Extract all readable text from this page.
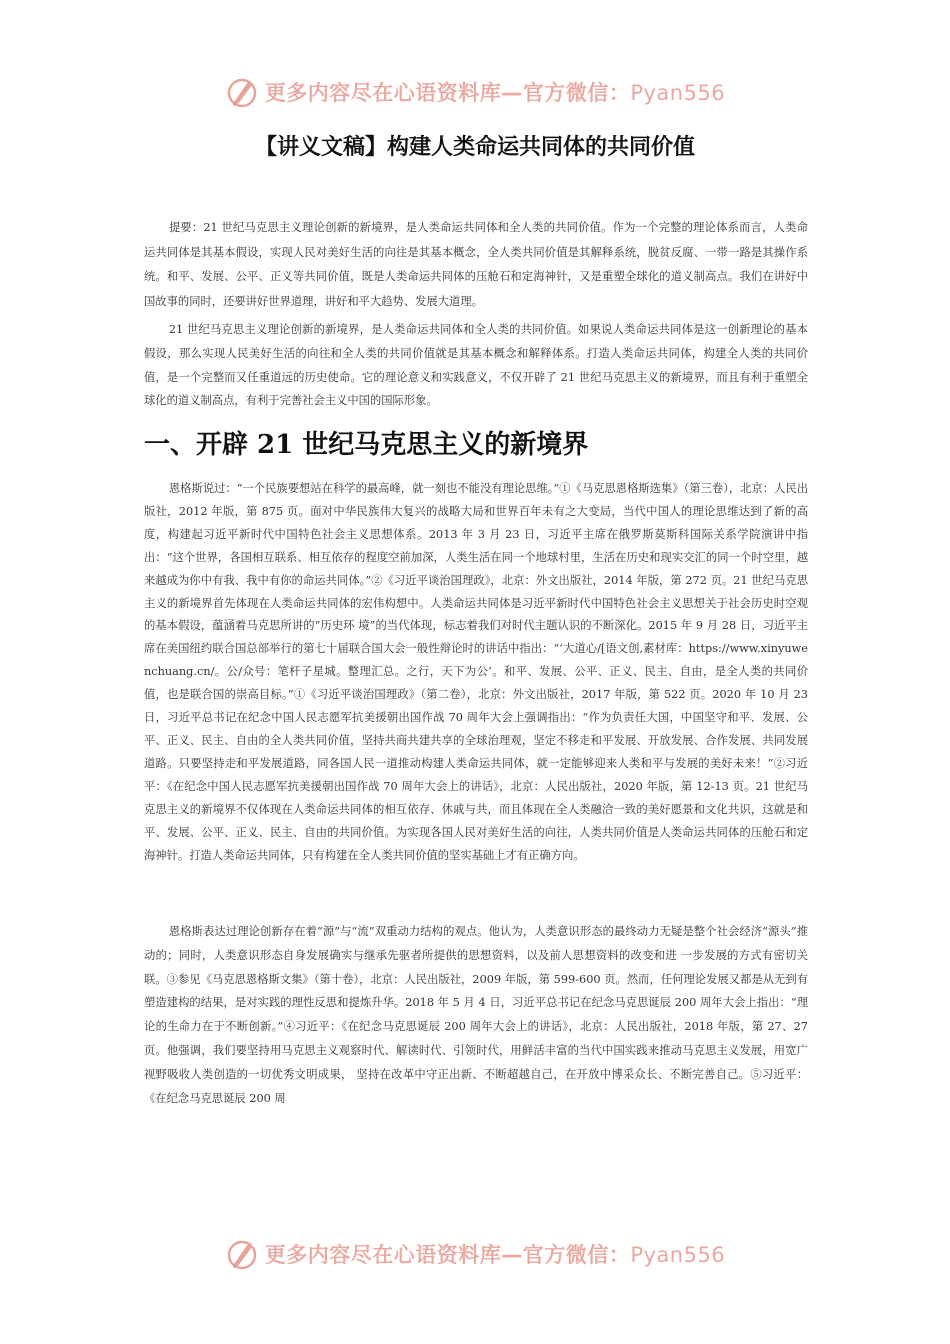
更多内容尽在心语资料库—官方微信：Pyan556
【讲义文稿】构建人类命运共同体的共同价值

提要：21 世纪马克思主义理论创新的新境界，是人类命运共同体和全人类的共同价值。作为一个完整的理论体系而言，人类命运共同体是其基本假设，实现人民对美好生活的向往是其基本概念，全人类共同价值是其解释系统，脱贫反腐、一带一路是其操作系统。和平、发展、公平、正义等共同价值，既是人类命运共同体的压舱石和定海神针，又是重塑全球化的道义制高点。我们在讲好中国故事的同时，还要讲好世界道理，讲好和平大趋势、发展大道理。

21 世纪马克思主义理论创新的新境界，是人类命运共同体和全人类的共同价值。如果说人类命运共同体是这一创新理论的基本假设，那么实现人民美好生活的向往和全人类的共同价值就是其基本概念和解释体系。打造人类命运共同体，构建全人类的共同价值，是一个完整而又任重道远的历史使命。它的理论意义和实践意义，不仅开辟了 21 世纪马克思主义的新境界，而且有利于重塑全球化的道义制高点，有利于完善社会主义中国的国际形象。

一、开辟 21 世纪马克思主义的新境界

恩格斯说过：“一个民族要想站在科学的最高峰，就一刻也不能没有理论思维。”①《马克思恩格斯选集》（第三卷），北京：人民出版社，2012 年版，第 875 页。面对中华民族伟大复兴的战略大局和世界百年未有之大变局，当代中国人的理论思维达到了新的高度，构建起习近平新时代中国特色社会主义思想体系。2013 年 3 月 23 日，习近平主席在俄罗斯莫斯科国际关系学院演讲中指出：“这个世界，各国相互联系、相互依存的程度空前加深，人类生活在同一个地球村里，生活在历史和现实交汇的同一个时空里，越来越成为你中有我、我中有你的命运共同体。”②《习近平谈治国理政》，北京：外文出版社，2014 年版，第 272 页。21 世纪马克思主义的新境界首先体现在人类命运共同体的宏伟构想中。人类命运共同体是习近平新时代中国特色社会主义思想关于社会历史时空观的基本假设，蕴涵着马克思所讲的“历史环 境”的当代体现，标志着我们对时代主题认识的不断深化。2015 年 9 月 28 日，习近平主席在美国纽约联合国总部举行的第七十届联合国大会一般性辩论时的讲话中指出：“‘大道心/[语文创,素材库：https://www.xinyuwenchuang.cn/。公/众号：笔杆子星城。整理汇总。之行，天下为公’。和平、发展、公平、正义、民主、自由，是全人类的共同价值，也是联合国的崇高目标。”①《习近平谈治国理政》（第二卷），北京：外文出版社，2017 年版，第 522 页。2020 年 10 月 23 日，习近平总书记在纪念中国人民志愿军抗美援朝出国作战 70 周年大会上强调指出：“作为负责任大国，中国坚守和平、发展、公平、正义、民主、自由的全人类共同价值，坚持共商共建共享的全球治理观，坚定不移走和平发展、开放发展、合作发展、共同发展道路。只要坚持走和平发展道路，同各国人民一道推动构建人类命运共同体，就一定能够迎来人类和平与发展的美好未来！”②习近平：《在纪念中国人民志愿军抗美援朝出国作战 70 周年大会上的讲话》，北京：人民出版社，2020 年版，第 12-13 页。21 世纪马克思主义的新境界不仅体现在人类命运共同体的相互依存、休戚与共，而且体现在全人类融洽一致的美好愿景和文化共识，这就是和平、发展、公平、正义、民主、自由的共同价值。为实现各国人民对美好生活的向往，人类共同价值是人类命运共同体的压舱石和定海神针。打造人类命运共同体，只有构建在全人类共同价值的坚实基础上才有正确方向。

恩格斯表达过理论创新存在着“源”与“流”双重动力结构的观点。他认为，人类意识形态的最终动力无疑是整个社会经济“源头”推动的；同时，人类意识形态自身发展确实与继承先驱者所提供的思想资料，以及前人思想资料的改变和进 一步发展的方式有密切关联。③参见《马克思恩格斯文集》（第十卷），北京：人民出版社，2009 年版，第 599-600 页。然而，任何理论发展又都是从无到有塑造建构的结果，是对实践的理性反思和提炼升华。2018 年 5 月 4 日，习近平总书记在纪念马克思诞辰 200 周年大会上指出：“理论的生命力在于不断创新。”④习近平：《在纪念马克思诞辰 200 周年大会上的讲话》，北京：人民出版社，2018 年版，第 27、27 页。他强调，我们要坚持用马克思主义观察时代、解读时代、引领时代，用鲜活丰富的当代中国实践来推动马克思主义发展，用宽广视野吸收人类创造的一切优秀文明成果， 坚持在改革中守正出新、不断超越自己，在开放中博采众长、不断完善自己。⑤习近平：《在纪念马克思诞辰 200 周

更多内容尽在心语资料库—官方微信：Pyan556
